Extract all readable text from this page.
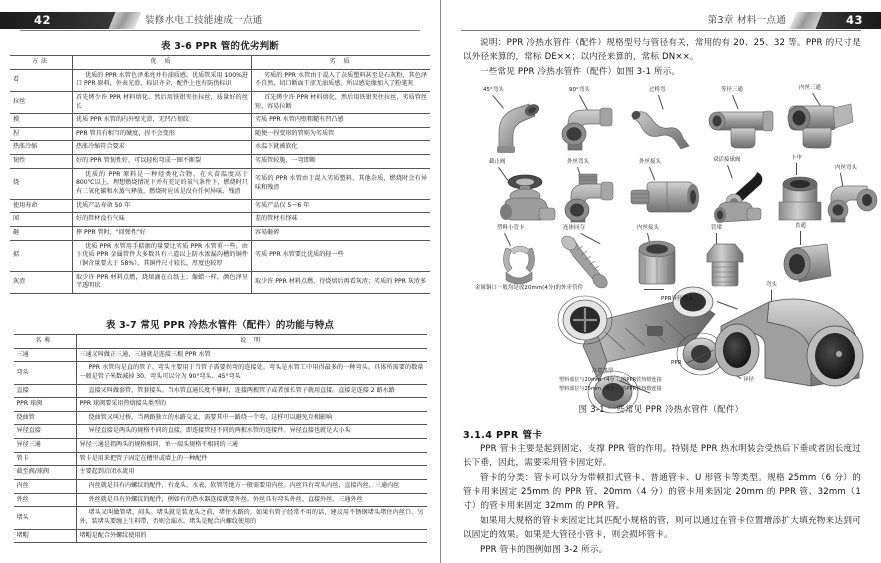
42	装修水电工技能速成一点通
表 3-6 PPR 管的优劣判断
方法	优 质	劣 质

看	优质的 PPR 水管色泽柔亮并有油质感。优质管采用 100%进口 PPR 原料，外表光滑，标识齐全，配件上也有防伪标识	劣质的 PPR 水管由于混入了杂质塑料甚至是石灰粉，其色泽不自然，切口断面干涩无油质感，所以感觉像加入了粉笔灰

拉丝	首先烤少许 PPR 材料熔化，然后用铁钳夹住拉丝，质量好的丝长	首先烤少许 PPR 材料熔化，然后用铁钳夹住拉丝，劣质管丝短，容易拉断

摸	优质 PPR 水管的内外壁光滑，无凹凸划纹	劣质 PPR 水管内壁粗糙有凹凸感

捏	PPR 管具有相当的硬度，捏不会变形	随便一捏变形的管则为劣质管

热胀冷缩	热胀冷缩符合要求	水温下就被软化

韧性	好的 PPR 管韧性好，可以轻松弯成一圈不断裂	劣质管较脆，一弯即断

烧	优质的 PPR 原料是一种烃类化合物，在火苗温度高于 800℃以上，理想燃烧情况下并有充足的氧气条件下，燃烧时只有二氧化碳和水蒸气释放，燃烧时应该是没有任何异味、残渣	劣质的 PPR 水管由于混入劣质塑料，其他杂质，燃烧时会有异味和残渣

使用寿命	优质产品寿命 50 年	劣质产品仅 5～6 年

闻	好的管材没有气味	差的管材有怪味

砸	摔 PPR 管时，"回弹性"好	容易砸碎

掂	优质 PPR 水管用手掂据的量要比劣质 PPR 水管重一些。由于优质 PPR 金属管件大多数具有三道以上防水渗漏沟槽的铜件（铜含量要大于 58%），其铜件尺寸较长、厚度也较厚	劣质 PPR 水管要比优质的轻一些

灰渣	取少许 PPR 材料点燃，烧熔滴在白纸上；像蜡一样，颜色泽呈半透明状	取少许 PPR 材料点燃，待烧熔后再看灰渣；劣质的 PPR 灰渣多
表 3-7 常见 PPR 冷热水管件（配件）的功能与特点
名称	说 明

三通	三通又叫做正三通，三通就是连接三根 PPR 水管

弯头	PPR 水管均是直的管子。弯头主要用于当管子需要拐弯的连接处。弯头是水管工中用得最多的一种弯头。具体所需要的数量一般是管子米数减掉 30。弯头可以分为 90°弯头、45°弯头

直接	直接又叫做套管、管套接头。当水管直通长度不够时，连接两根管子或者加长管子就用直接。直接是连接 2 路水路

PPR 球阀	PPR 球阀要采用热熔接头类型的

绕曲管	绕曲管又叫过桥。当两路独立的水路交叉，需要其中一路绕一个弯，这样可以避免互相影响

异径直接	异径直接是两头的规格不同的直接，即连接管径不同的两根水管的连接件。异径直接也就是大小头

异径三通	异径三通是指两头的规格相同，单一端头规格不相同的三通

管卡	管卡是用来把管子固定在槽里或墙上的一种配件

截至阀/球阀	主要起到启闭水流用

内丝	内丝就是具有内螺纹的配件，有龙头、水表、软管等地方一般需要用内丝。内丝具有弯头内丝、直接内丝、三通内丝

外丝	外丝就是具有外螺纹的配件，例如有的热水器连接就要外丝。外丝具有弯头外丝、直接外丝、三通外丝

堵头	堵头又叫做管堵、闷头。堵头就是装龙头之前，堵住水路的。如果有管子经常不用的话，建议用不锈钢堵头堵住内丝口。另外，装堵头要缠上生料带，否则会漏水。堵头是配合内螺纹使用的

堵帽	堵帽是配合外螺纹使用的
43
第3章 材料一点通
说明：PPR 冷热水管件（配件）规格型号与管径有关，常用的有 20、25、32 等。PPR 的尺寸是以外径来算的，常标 DE××；以内径来算的，常标 DN××。
一些常见 PPR 冷热水管件（配件）如图 3-1 所示。
45°弯头	90°弯头	过桥弯	等径三通	内丝三通
截止阀	外丝弯头	外丝接头	双活接球阀	卜申
内丝弯头
塑料小管卡	连体同夺	内丝接头	管堵	直通
金属铜口一般均是放20mm(4分)的外牙管件
注意类型
塑料部位与20mm（4分 ）的PPR管热熔连接
塑料部位与25mm（6分 ）的PPR管热熔连接
弯头
PPR异径弯头
PPR
异径
图 3-1 一些常见 PPR 冷热水管件（配件）
3.1.4 PPR 管卡
PPR 管卡主要是起到固定、支撑 PPR 管的作用。特别是 PPR 热水明装会受热后下垂或者因长度过长下垂，因此，需要采用管卡固定好。
管卡的分类：管卡可以分为带顿扣式管卡、普通管卡、U 形管卡等类型。规格 25mm（6 分）的管卡用来固定 25mm 的 PPR 管、20mm（4 分）的管卡用来固定 20mm 的 PPR 管、32mm（1 寸）的管卡用来固定 32mm 的 PPR 管。
如果用大规格的管卡来固定比其匹配小规格的管，则可以通过在管卡位置增添扩大填充物来达到可以固定的效果。如果是大管径小管卡，则会损坏管卡。
PPR 管卡的图例如图 3-2 所示。
